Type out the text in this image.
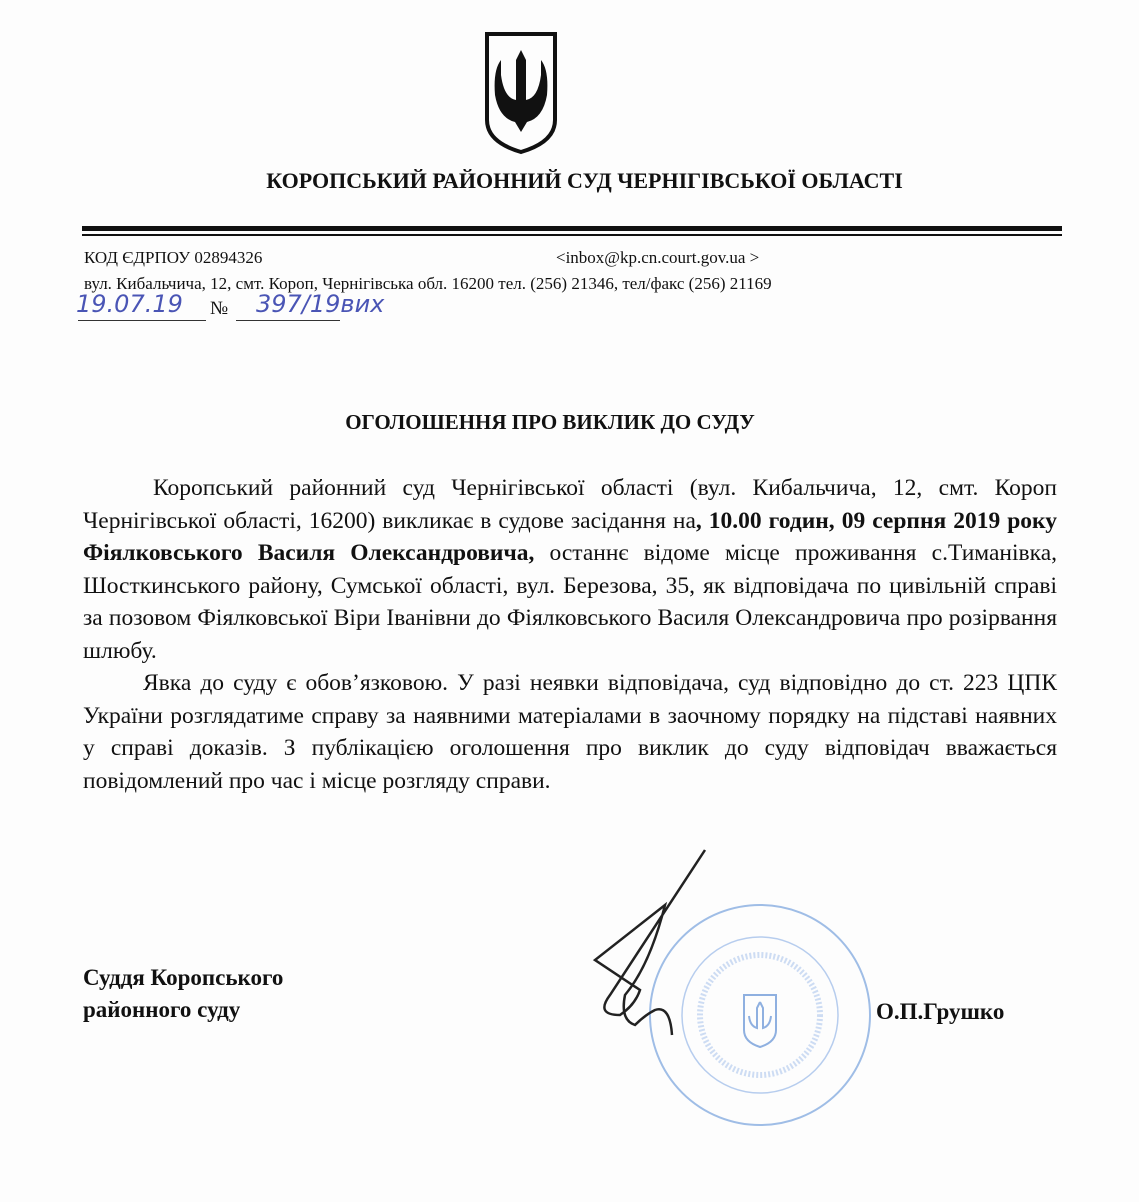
КОРОПСЬКИЙ РАЙОННИЙ СУД ЧЕРНІГІВСЬКОЇ ОБЛАСТІ
КОД ЄДРПОУ 02894326	<inbox@kp.cn.court.gov.ua >
вул. Кибальчича, 12, смт. Короп, Чернігівська обл. 16200 тел. (256) 21346, тел/факс (256) 21169
19.07.19 № 397/19вих
ОГОЛОШЕННЯ ПРО ВИКЛИК ДО СУДУ

Коропський районний суд Чернігівської області (вул. Кибальчича, 12, смт. Короп Чернігівської області, 16200) викликає в судове засідання на, 10.00 годин, 09 серпня 2019 року Фіялковського Василя Олександровича, останнє відоме місце проживання с.Тиманівка, Шосткинського району, Сумської області, вул. Березова, 35, як відповідача по цивільній справі за позовом Фіялковської Віри Іванівни до Фіялковського Василя Олександровича про розірвання шлюбу.

Явка до суду є обов’язковою. У разі неявки відповідача, суд відповідно до ст. 223 ЦПК України розглядатиме справу за наявними матеріалами в заочному порядку на підставі наявних у справі доказів. З публікацією оголошення про виклик до суду відповідач вважається повідомлений про час і місце розгляду справи.

Суддя Коропського
районного суду	О.П.Грушко
